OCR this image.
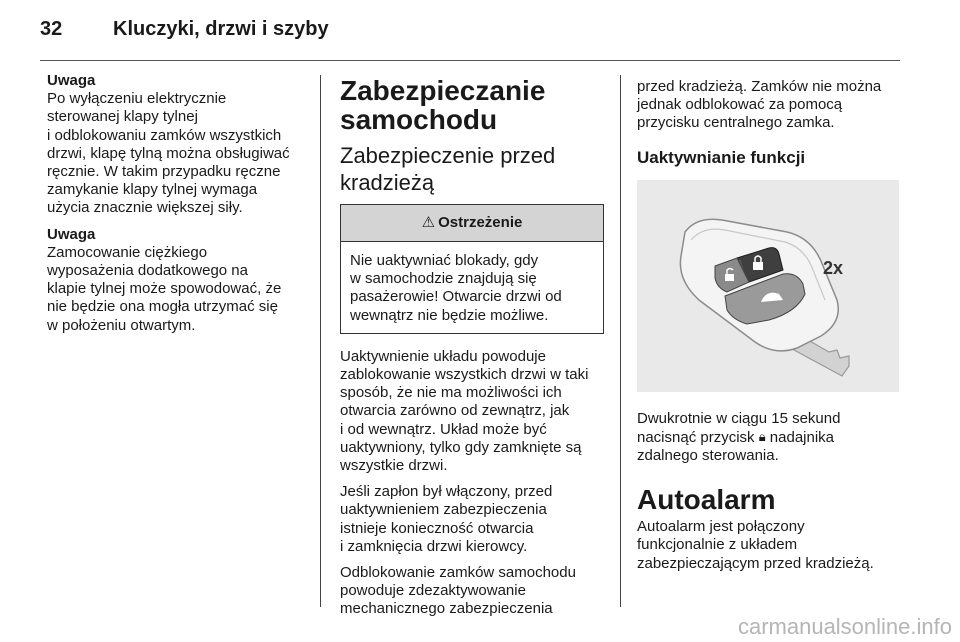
32	Kluczyki, drzwi i szyby

Uwaga

Po wyłączeniu elektrycznie

sterowanej klapy tylnej

i odblokowaniu zamków wszystkich

drzwi, klapę tylną można obsługiwać

ręcznie. W takim przypadku ręczne

zamykanie klapy tylnej wymaga

użycia znacznie większej siły.

Uwaga

Zamocowanie ciężkiego

wyposażenia dodatkowego na

klapie tylnej może spowodować, że

nie będzie ona mogła utrzymać się

w położeniu otwartym.

Zabezpieczanie
samochodu
Zabezpieczenie przed
kradzieżą
⚠ Ostrzeżenie

Nie uaktywniać blokady, gdy

w samochodzie znajdują się

pasażerowie! Otwarcie drzwi od

wewnątrz nie będzie możliwe.

Uaktywnienie układu powoduje

zablokowanie wszystkich drzwi w taki

sposób, że nie ma możliwości ich

otwarcia zarówno od zewnątrz, jak

i od wewnątrz. Układ może być

uaktywniony, tylko gdy zamknięte są

wszystkie drzwi.

Jeśli zapłon był włączony, przed

uaktywnieniem zabezpieczenia

istnieje konieczność otwarcia

i zamknięcia drzwi kierowcy.

Odblokowanie zamków samochodu

powoduje zdezaktywowanie

mechanicznego zabezpieczenia

przed kradzieżą. Zamków nie można

jednak odblokować za pomocą

przycisku centralnego zamka.

Uaktywnianie funkcji
2x

Dwukrotnie w ciągu 15 sekund

nacisnąć przycisk 🔒︎ nadajnika

zdalnego sterowania.

Autoalarm

Autoalarm jest połączony

funkcjonalnie z układem

zabezpieczającym przed kradzieżą.

carmanualsonline.info
